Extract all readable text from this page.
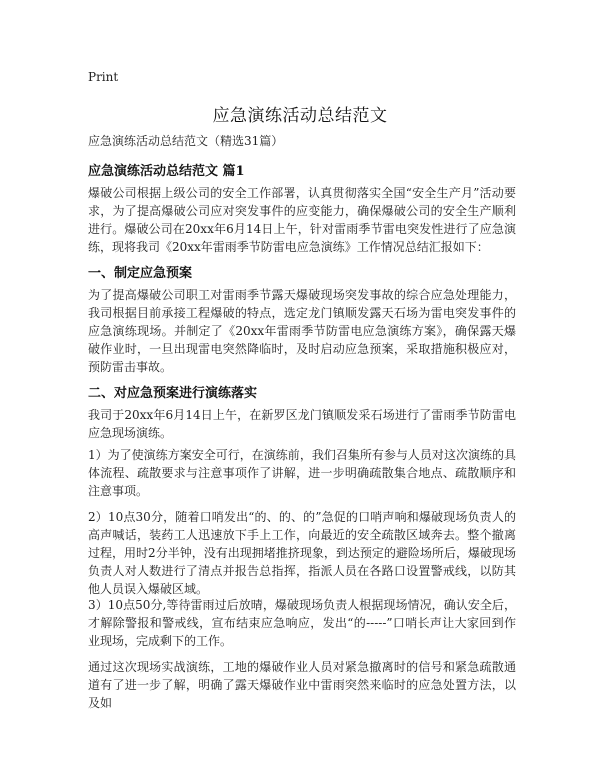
Print
应急演练活动总结范文
应急演练活动总结范文（精选31篇）
应急演练活动总结范文 篇1
爆破公司根据上级公司的安全工作部署，认真贯彻落实全国“安全生产月”活动要求，为了提高爆破公司应对突发事件的应变能力，确保爆破公司的安全生产顺利进行。爆破公司在20xx年6月14日上午，针对雷雨季节雷电突发性进行了应急演练，现将我司《20xx年雷雨季节防雷电应急演练》工作情况总结汇报如下：
一、制定应急预案
为了提高爆破公司职工对雷雨季节露天爆破现场突发事故的综合应急处理能力，我司根据目前承接工程爆破的特点，选定龙门镇顺发露天石场为雷电突发事件的应急演练现场。并制定了《20xx年雷雨季节防雷电应急演练方案》，确保露天爆破作业时，一旦出现雷电突然降临时，及时启动应急预案，采取措施积极应对，预防雷击事故。
二、对应急预案进行演练落实
我司于20xx年6月14日上午，在新罗区龙门镇顺发采石场进行了雷雨季节防雷电应急现场演练。
1）为了使演练方案安全可行，在演练前，我们召集所有参与人员对这次演练的具体流程、疏散要求与注意事项作了讲解，进一步明确疏散集合地点、疏散顺序和注意事项。
2）10点30分，随着口哨发出“的、的、的”急促的口哨声响和爆破现场负责人的高声喊话，装药工人迅速放下手上工作，向最近的安全疏散区域奔去。整个撤离过程，用时2分半钟，没有出现拥堵推挤现象，到达预定的避险场所后，爆破现场负责人对人数进行了清点并报告总指挥，指派人员在各路口设置警戒线，以防其他人员误入爆破区域。
3）10点50分,等待雷雨过后放晴，爆破现场负责人根据现场情况，确认安全后，才解除警报和警戒线，宣布结束应急响应，发出“的-----”口哨长声让大家回到作业现场，完成剩下的工作。
通过这次现场实战演练，工地的爆破作业人员对紧急撤离时的信号和紧急疏散通道有了进一步了解，明确了露天爆破作业中雷雨突然来临时的应急处置方法，以及如
